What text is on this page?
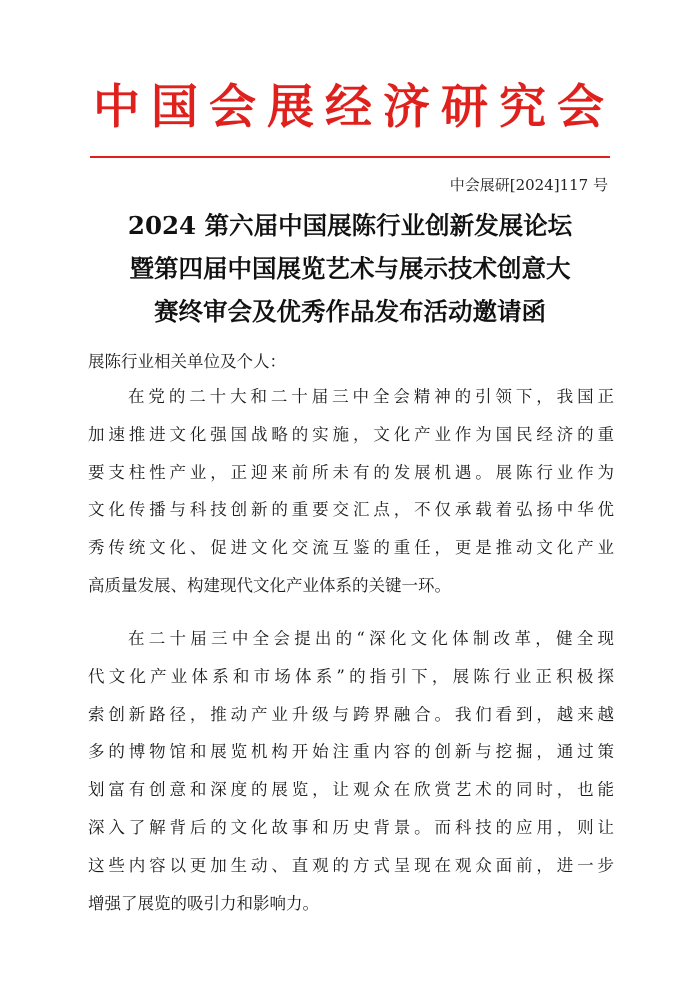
中国会展经济研究会
中会展研[2024]117 号
2024 第六届中国展陈行业创新发展论坛
暨第四届中国展览艺术与展示技术创意大
赛终审会及优秀作品发布活动邀请函
展陈行业相关单位及个人：
在党的二十大和二十届三中全会精神的引领下，我国正
加速推进文化强国战略的实施，文化产业作为国民经济的重
要支柱性产业，正迎来前所未有的发展机遇。展陈行业作为
文化传播与科技创新的重要交汇点，不仅承载着弘扬中华优
秀传统文化、促进文化交流互鉴的重任，更是推动文化产业
高质量发展、构建现代文化产业体系的关键一环。
在二十届三中全会提出的“深化文化体制改革，健全现
代文化产业体系和市场体系”的指引下，展陈行业正积极探
索创新路径，推动产业升级与跨界融合。我们看到，越来越
多的博物馆和展览机构开始注重内容的创新与挖掘，通过策
划富有创意和深度的展览，让观众在欣赏艺术的同时，也能
深入了解背后的文化故事和历史背景。而科技的应用，则让
这些内容以更加生动、直观的方式呈现在观众面前，进一步
增强了展览的吸引力和影响力。
